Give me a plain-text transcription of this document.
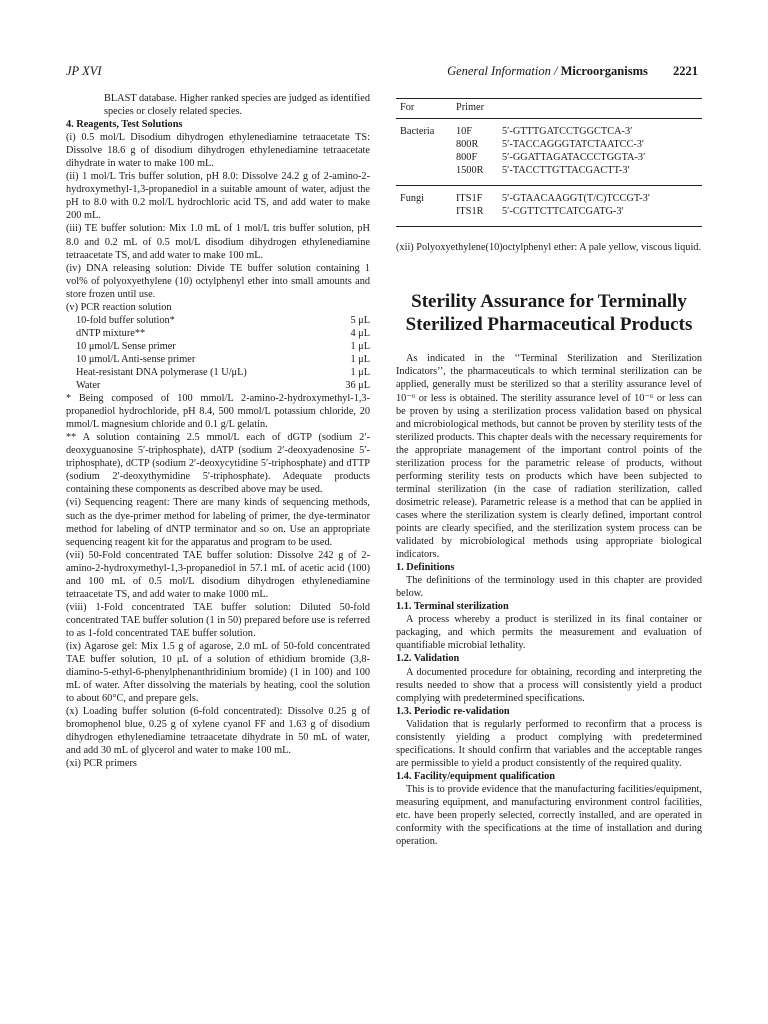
JP XVI	General Information / Microorganisms 2221

BLAST database. Higher ranked species are judged as identified species or closely related species.

4. Reagents, Test Solutions

(i) 0.5 mol/L Disodium dihydrogen ethylenediamine tetraacetate TS: Dissolve 18.6 g of disodium dihydrogen ethylenediamine tetraacetate dihydrate in water to make 100 mL.

(ii) 1 mol/L Tris buffer solution, pH 8.0: Dissolve 24.2 g of 2-amino-2-hydroxymethyl-1,3-propanediol in a suitable amount of water, adjust the pH to 8.0 with 0.2 mol/L hydrochloric acid TS, and add water to make 200 mL.

(iii) TE buffer solution: Mix 1.0 mL of 1 mol/L tris buffer solution, pH 8.0 and 0.2 mL of 0.5 mol/L disodium dihydrogen ethylenediamine tetraacetate TS, and add water to make 100 mL.

(iv) DNA releasing solution: Divide TE buffer solution containing 1 vol% of polyoxyethylene (10) octylphenyl ether into small amounts and store frozen until use.

(v) PCR reaction solution

10-fold buffer solution*	5 μL
dNTP mixture**	4 μL
10 μmol/L Sense primer	1 μL
10 μmol/L Anti-sense primer	1 μL
Heat-resistant DNA polymerase (1 U/μL)	1 μL
Water	36 μL

* Being composed of 100 mmol/L 2-amino-2-hydroxymethyl-1,3-propanediol hydrochloride, pH 8.4, 500 mmol/L potassium chloride, 20 mmol/L magnesium chloride and 0.1 g/L gelatin.

** A solution containing 2.5 mmol/L each of dGTP (sodium 2′-deoxyguanosine 5′-triphosphate), dATP (sodium 2′-deoxyadenosine 5′-triphosphate), dCTP (sodium 2′-deoxycytidine 5′-triphosphate) and dTTP (sodium 2′-deoxythymidine 5′-triphosphate). Adequate products containing these components as described above may be used.

(vi) Sequencing reagent: There are many kinds of sequencing methods, such as the dye-primer method for labeling of primer, the dye-terminator method for labeling of dNTP terminator and so on. Use an appropriate sequencing reagent kit for the apparatus and program to be used.

(vii) 50-Fold concentrated TAE buffer solution: Dissolve 242 g of 2-amino-2-hydroxymethyl-1,3-propanediol in 57.1 mL of acetic acid (100) and 100 mL of 0.5 mol/L disodium dihydrogen ethylenediamine tetraacetate TS, and add water to make 1000 mL.

(viii) 1-Fold concentrated TAE buffer solution: Diluted 50-fold concentrated TAE buffer solution (1 in 50) prepared before use is referred to as 1-fold concentrated TAE buffer solution.

(ix) Agarose gel: Mix 1.5 g of agarose, 2.0 mL of 50-fold concentrated TAE buffer solution, 10 μL of a solution of ethidium bromide (3,8-diamino-5-ethyl-6-phenylphenanthridinium bromide) (1 in 100) and 100 mL of water. After dissolving the materials by heating, cool the solution to about 60°C, and prepare gels.

(x) Loading buffer solution (6-fold concentrated): Dissolve 0.25 g of bromophenol blue, 0.25 g of xylene cyanol FF and 1.63 g of disodium dihydrogen ethylenediamine tetraacetate dihydrate in 50 mL of water, and add 30 mL of glycerol and water to make 100 mL.

(xi) PCR primers

For	Primer	
Bacteria	10F	5′-GTTTGATCCTGGCTCA-3′
	800R	5′-TACCAGGGTATCTAATCC-3′
	800F	5′-GGATTAGATACCCTGGTA-3′
	1500R	5′-TACCTTGTTACGACTT-3′
Fungi	ITS1F	5′-GTAACAAGGT(T/C)TCCGT-3′
	ITS1R	5′-CGTTCTTCATCGATG-3′

(xii) Polyoxyethylene(10)octylphenyl ether: A pale yellow, viscous liquid.

Sterility Assurance for Terminally
Sterilized Pharmaceutical Products

As indicated in the ‘‘Terminal Sterilization and Sterilization Indicators’’, the pharmaceuticals to which terminal sterilization can be applied, generally must be sterilized so that a sterility assurance level of 10⁻⁶ or less is obtained. The sterility assurance level of 10⁻⁶ or less can be proven by using a sterilization process validation based on physical and microbiological methods, but cannot be proven by sterility tests of the sterilized products. This chapter deals with the necessary requirements for the appropriate management of the important control points of the sterilization process for the parametric release of products, without performing sterility tests on products which have been subjected to terminal sterilization (in the case of radiation sterilization, called dosimetric release). Parametric release is a method that can be applied in cases where the sterilization system is clearly defined, important control points are clearly specified, and the sterilization system process can be validated by microbiological methods using appropriate biological indicators.

1. Definitions

The definitions of the terminology used in this chapter are provided below.

1.1. Terminal sterilization

A process whereby a product is sterilized in its final container or packaging, and which permits the measurement and evaluation of quantifiable microbial lethality.

1.2. Validation

A documented procedure for obtaining, recording and interpreting the results needed to show that a process will consistently yield a product complying with predetermined specifications.

1.3. Periodic re-validation

Validation that is regularly performed to reconfirm that a process is consistently yielding a product complying with predetermined specifications. It should confirm that variables and the acceptable ranges are permissible to yield a product consistently of the required quality.

1.4. Facility/equipment qualification

This is to provide evidence that the manufacturing facilities/equipment, measuring equipment, and manufacturing environment control facilities, etc. have been properly selected, correctly installed, and are operated in conformity with the specifications at the time of installation and during operation.
